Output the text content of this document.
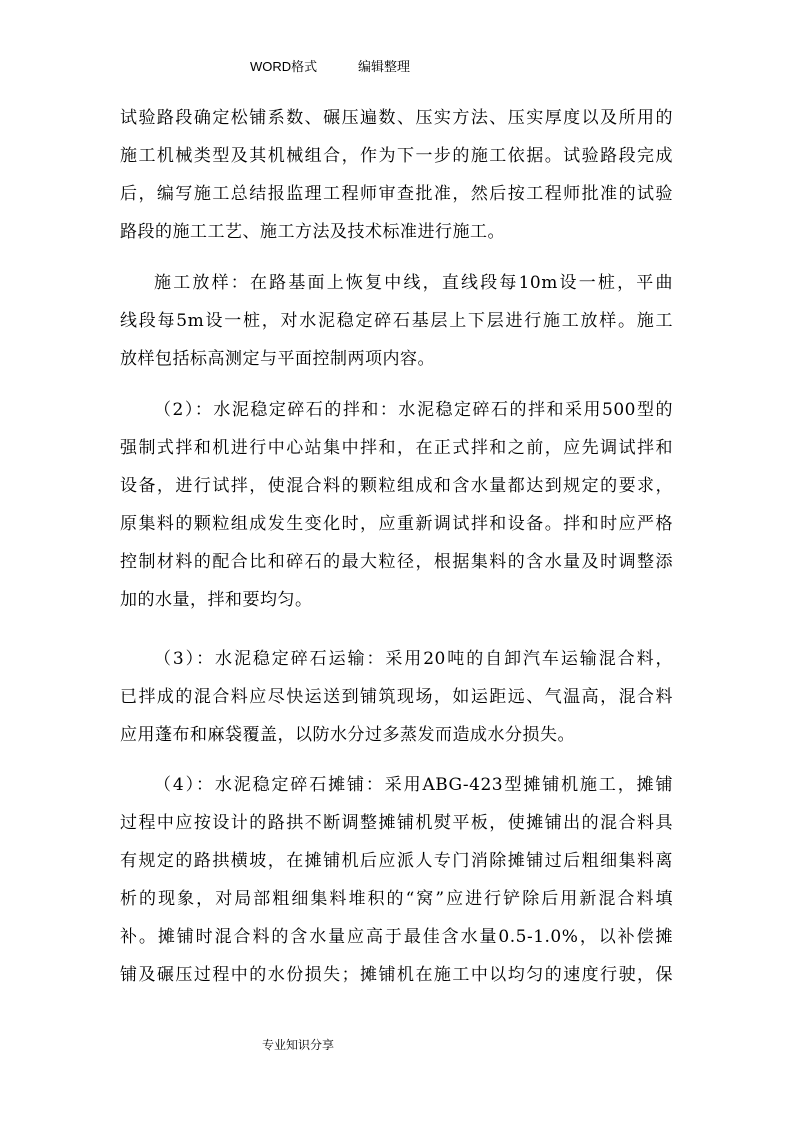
WORD格式	编辑整理
试验路段确定松铺系数、碾压遍数、压实方法、压实厚度以及所用的
施工机械类型及其机械组合，作为下一步的施工依据。试验路段完成
后，编写施工总结报监理工程师审查批准，然后按工程师批准的试验
路段的施工工艺、施工方法及技术标准进行施工。
施工放样：在路基面上恢复中线，直线段每10m设一桩，平曲
线段每5m设一桩，对水泥稳定碎石基层上下层进行施工放样。施工
放样包括标高测定与平面控制两项内容。
（2）：水泥稳定碎石的拌和：水泥稳定碎石的拌和采用500型的
强制式拌和机进行中心站集中拌和，在正式拌和之前，应先调试拌和
设备，进行试拌，使混合料的颗粒组成和含水量都达到规定的要求，
原集料的颗粒组成发生变化时，应重新调试拌和设备。拌和时应严格
控制材料的配合比和碎石的最大粒径，根据集料的含水量及时调整添
加的水量，拌和要均匀。
（3）：水泥稳定碎石运输：采用20吨的自卸汽车运输混合料，
已拌成的混合料应尽快运送到铺筑现场，如运距远、气温高，混合料
应用蓬布和麻袋覆盖，以防水分过多蒸发而造成水分损失。
（4）：水泥稳定碎石摊铺：采用ABG-423型摊铺机施工，摊铺
过程中应按设计的路拱不断调整摊铺机熨平板，使摊铺出的混合料具
有规定的路拱横坡，在摊铺机后应派人专门消除摊铺过后粗细集料离
析的现象，对局部粗细集料堆积的“窝”应进行铲除后用新混合料填
补。摊铺时混合料的含水量应高于最佳含水量0.5-1.0%，以补偿摊
铺及碾压过程中的水份损失；摊铺机在施工中以均匀的速度行驶，保
专业知识分享
